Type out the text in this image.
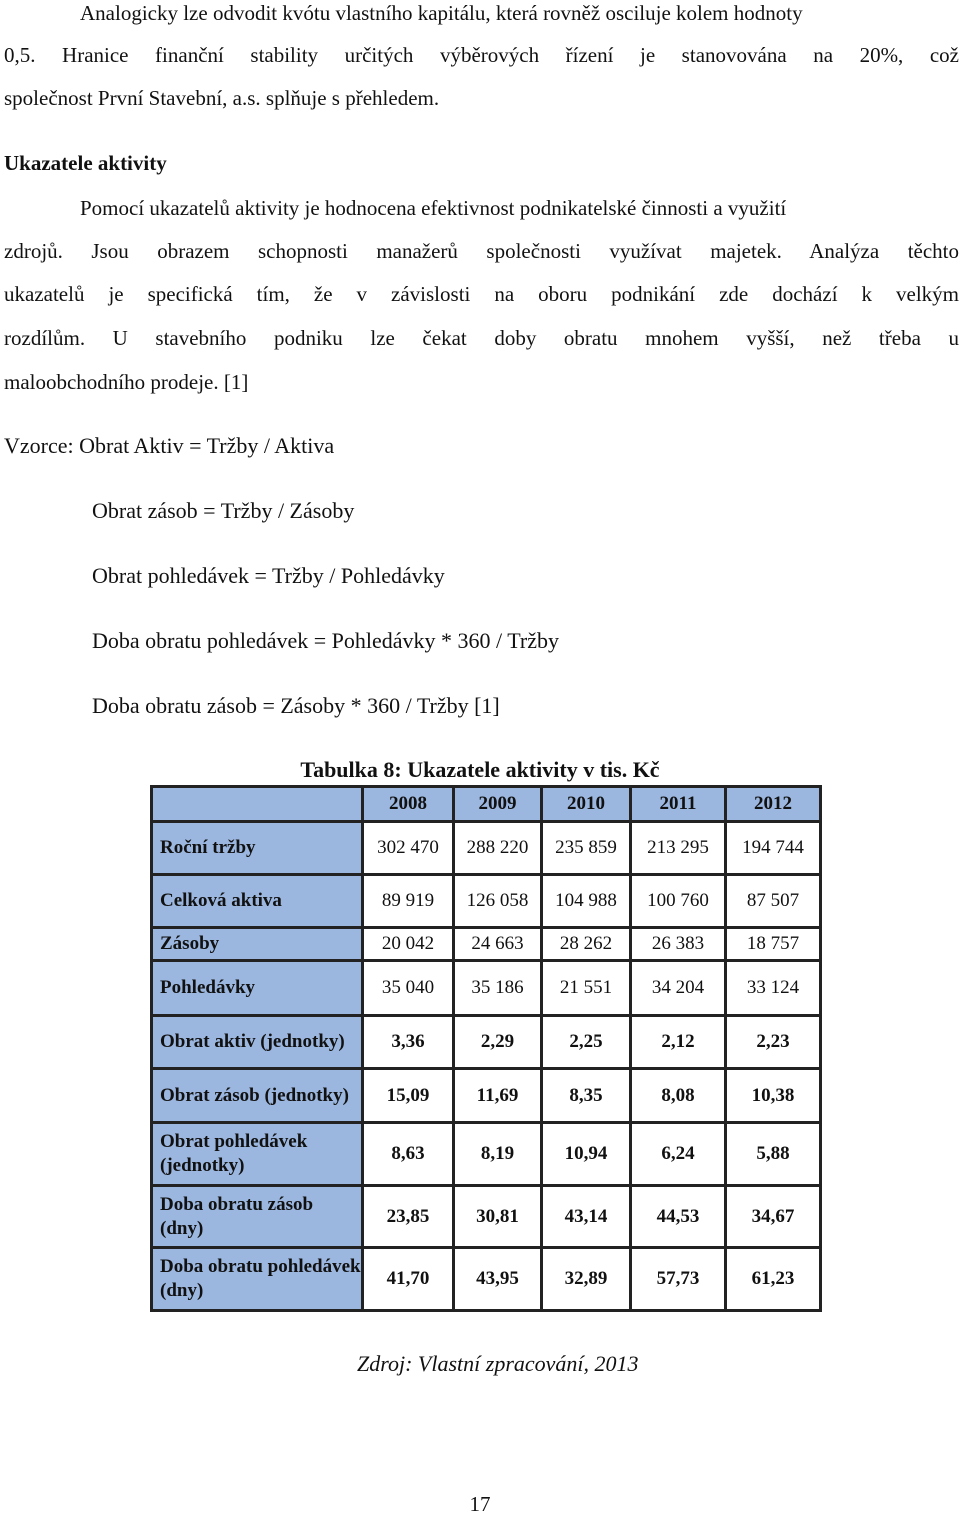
Analogicky lze odvodit kvótu vlastního kapitálu, která rovněž osciluje kolem hodnoty
0,5. Hranice finanční stability určitých výběrových řízení je stanovována na 20%, což
společnost První Stavební, a.s. splňuje s přehledem.
Ukazatele aktivity
Pomocí ukazatelů aktivity je hodnocena efektivnost podnikatelské činnosti a využití
zdrojů. Jsou obrazem schopnosti manažerů společnosti využívat majetek. Analýza těchto
ukazatelů je specifická tím, že v závislosti na oboru podnikání zde dochází k velkým
rozdílům. U stavebního podniku lze čekat doby obratu mnohem vyšší, než třeba u
maloobchodního prodeje. [1]
Vzorce: Obrat Aktiv = Tržby / Aktiva
Obrat zásob = Tržby / Zásoby
Obrat pohledávek = Tržby / Pohledávky
Doba obratu pohledávek = Pohledávky * 360 / Tržby
Doba obratu zásob = Zásoby * 360 / Tržby [1]
Tabulka 8: Ukazatele aktivity v tis. Kč
	2008	2009	2010	2011	2012
Roční tržby	302 470	288 220	235 859	213 295	194 744
Celková aktiva	89 919	126 058	104 988	100 760	87 507
Zásoby	20 042	24 663	28 262	26 383	18 757
Pohledávky	35 040	35 186	21 551	34 204	33 124
Obrat aktiv (jednotky)	3,36	2,29	2,25	2,12	2,23
Obrat zásob (jednotky)	15,09	11,69	8,35	8,08	10,38
Obrat pohledávek (jednotky)	8,63	8,19	10,94	6,24	5,88
Doba obratu zásob (dny)	23,85	30,81	43,14	44,53	34,67
Doba obratu pohledávek (dny)	41,70	43,95	32,89	57,73	61,23
Zdroj: Vlastní zpracování, 2013
17
